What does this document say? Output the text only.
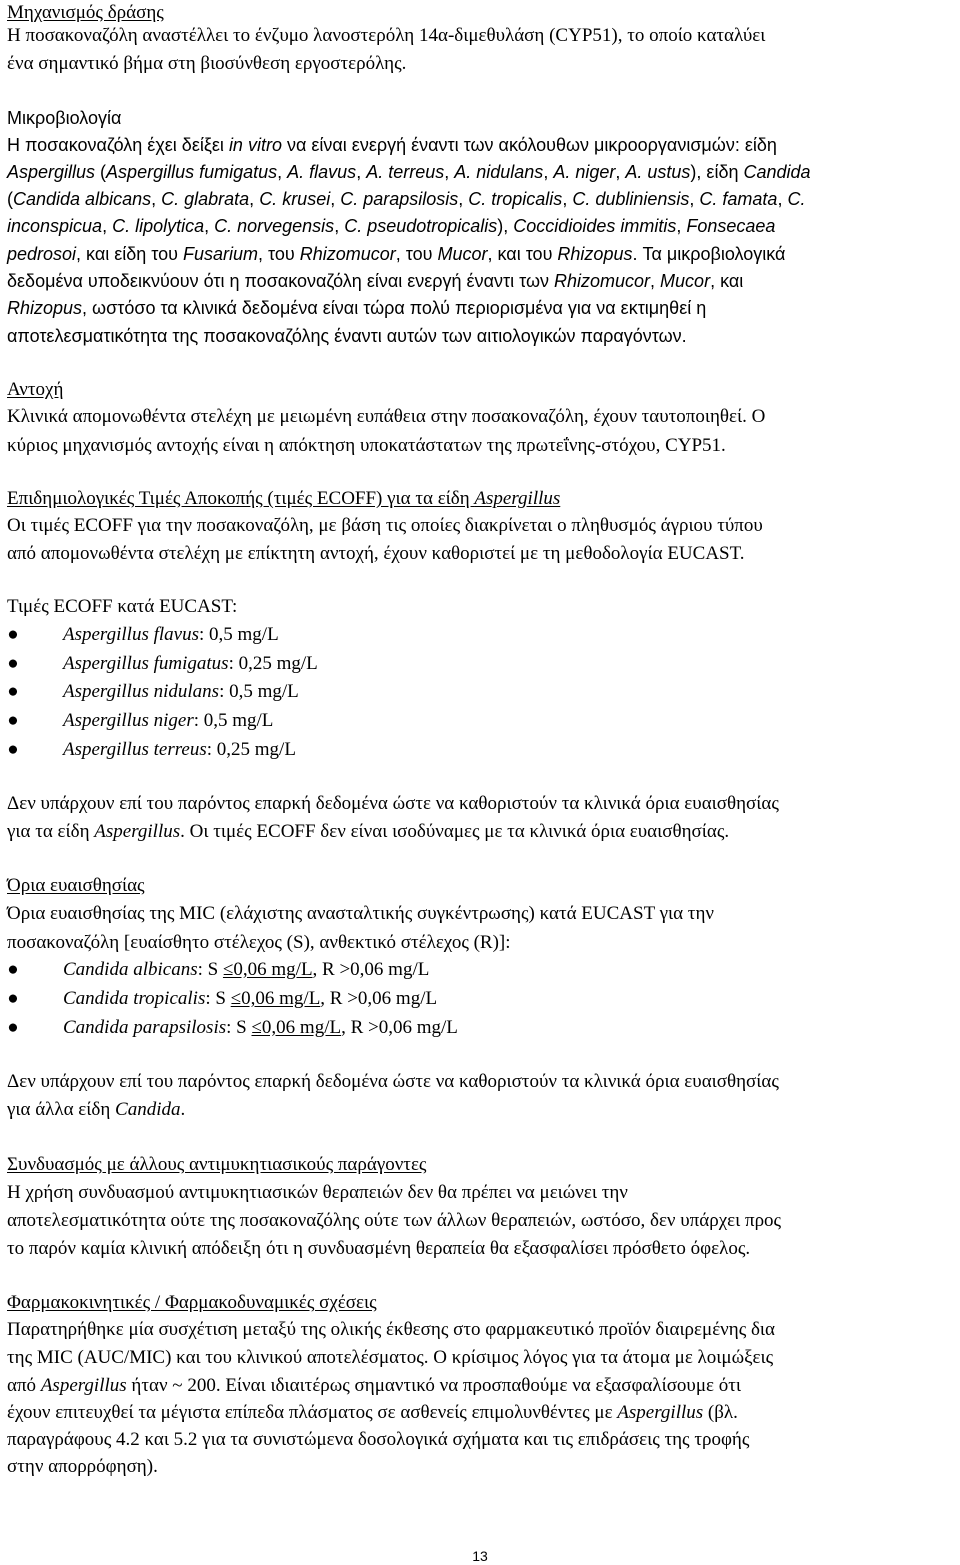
Μηχανισμός δράσης
Η ποσακοναζόλη αναστέλλει το ένζυμο λανοστερόλη 14α-διμεθυλάση (CYP51), το οποίο καταλύει
ένα σημαντικό βήμα στη βιοσύνθεση εργοστερόλης.
Μικροβιολογία
Η ποσακοναζόλη έχει δείξει in vitro να είναι ενεργή έναντι των ακόλουθων μικροοργανισμών: είδη
Aspergillus (Aspergillus fumigatus, A. flavus, A. terreus, A. nidulans, A. niger, A. ustus), είδη Candida
(Candida albicans, C. glabrata, C. krusei, C. parapsilosis, C. tropicalis, C. dubliniensis, C. famata, C.
inconspicua, C. lipolytica, C. norvegensis, C. pseudotropicalis), Coccidioides immitis, Fonsecaea
pedrosoi, και είδη του Fusarium, του Rhizomucor, του Mucor, και του Rhizopus. Τα μικροβιολογικά
δεδομένα υποδεικνύουν ότι η ποσακοναζόλη είναι ενεργή έναντι των Rhizomucor, Mucor, και
Rhizopus, ωστόσο τα κλινικά δεδομένα είναι τώρα πολύ περιορισμένα για να εκτιμηθεί η
αποτελεσματικότητα της ποσακοναζόλης έναντι αυτών των αιτιολογικών παραγόντων.
Αντοχή
Κλινικά απομονωθέντα στελέχη με μειωμένη ευπάθεια στην ποσακοναζόλη, έχουν ταυτοποιηθεί. Ο
κύριος μηχανισμός αντοχής είναι η απόκτηση υποκατάστατων της πρωτεΐνης-στόχου, CYP51.
Επιδημιολογικές Τιμές Αποκοπής (τιμές ECOFF) για τα είδη Aspergillus
Οι τιμές ECOFF για την ποσακοναζόλη, με βάση τις οποίες διακρίνεται ο πληθυσμός άγριου τύπου
από απομονωθέντα στελέχη με επίκτητη αντοχή, έχουν καθοριστεί με τη μεθοδολογία EUCAST.
Τιμές ECOFF κατά EUCAST:
● Aspergillus flavus: 0,5 mg/L
● Aspergillus fumigatus: 0,25 mg/L
● Aspergillus nidulans: 0,5 mg/L
● Aspergillus niger: 0,5 mg/L
● Aspergillus terreus: 0,25 mg/L
Δεν υπάρχουν επί του παρόντος επαρκή δεδομένα ώστε να καθοριστούν τα κλινικά όρια ευαισθησίας
για τα είδη Aspergillus. Οι τιμές ECOFF δεν είναι ισοδύναμες με τα κλινικά όρια ευαισθησίας.
Όρια ευαισθησίας
Όρια ευαισθησίας της MIC (ελάχιστης ανασταλτικής συγκέντρωσης) κατά EUCAST για την
ποσακοναζόλη [ευαίσθητο στέλεχος (S), ανθεκτικό στέλεχος (R)]:
● Candida albicans: S ≤0,06 mg/L, R >0,06 mg/L
● Candida tropicalis: S ≤0,06 mg/L, R >0,06 mg/L
● Candida parapsilosis: S ≤0,06 mg/L, R >0,06 mg/L
Δεν υπάρχουν επί του παρόντος επαρκή δεδομένα ώστε να καθοριστούν τα κλινικά όρια ευαισθησίας
για άλλα είδη Candida.
Συνδυασμός με άλλους αντιμυκητιασικούς παράγοντες
Η χρήση συνδυασμού αντιμυκητιασικών θεραπειών δεν θα πρέπει να μειώνει την
αποτελεσματικότητα ούτε της ποσακοναζόλης ούτε των άλλων θεραπειών, ωστόσο, δεν υπάρχει προς
το παρόν καμία κλινική απόδειξη ότι η συνδυασμένη θεραπεία θα εξασφαλίσει πρόσθετο όφελος.
Φαρμακοκινητικές / Φαρμακοδυναμικές σχέσεις
Παρατηρήθηκε μία συσχέτιση μεταξύ της ολικής έκθεσης στο φαρμακευτικό προϊόν διαιρεμένης δια
της MIC (AUC/MIC) και του κλινικού αποτελέσματος. Ο κρίσιμος λόγος για τα άτομα με λοιμώξεις
από Aspergillus ήταν ~ 200. Είναι ιδιαιτέρως σημαντικό να προσπαθούμε να εξασφαλίσουμε ότι
έχουν επιτευχθεί τα μέγιστα επίπεδα πλάσματος σε ασθενείς επιμολυνθέντες με Aspergillus (βλ.
παραγράφους 4.2 και 5.2 για τα συνιστώμενα δοσολογικά σχήματα και τις επιδράσεις της τροφής
στην απορρόφηση).
13
